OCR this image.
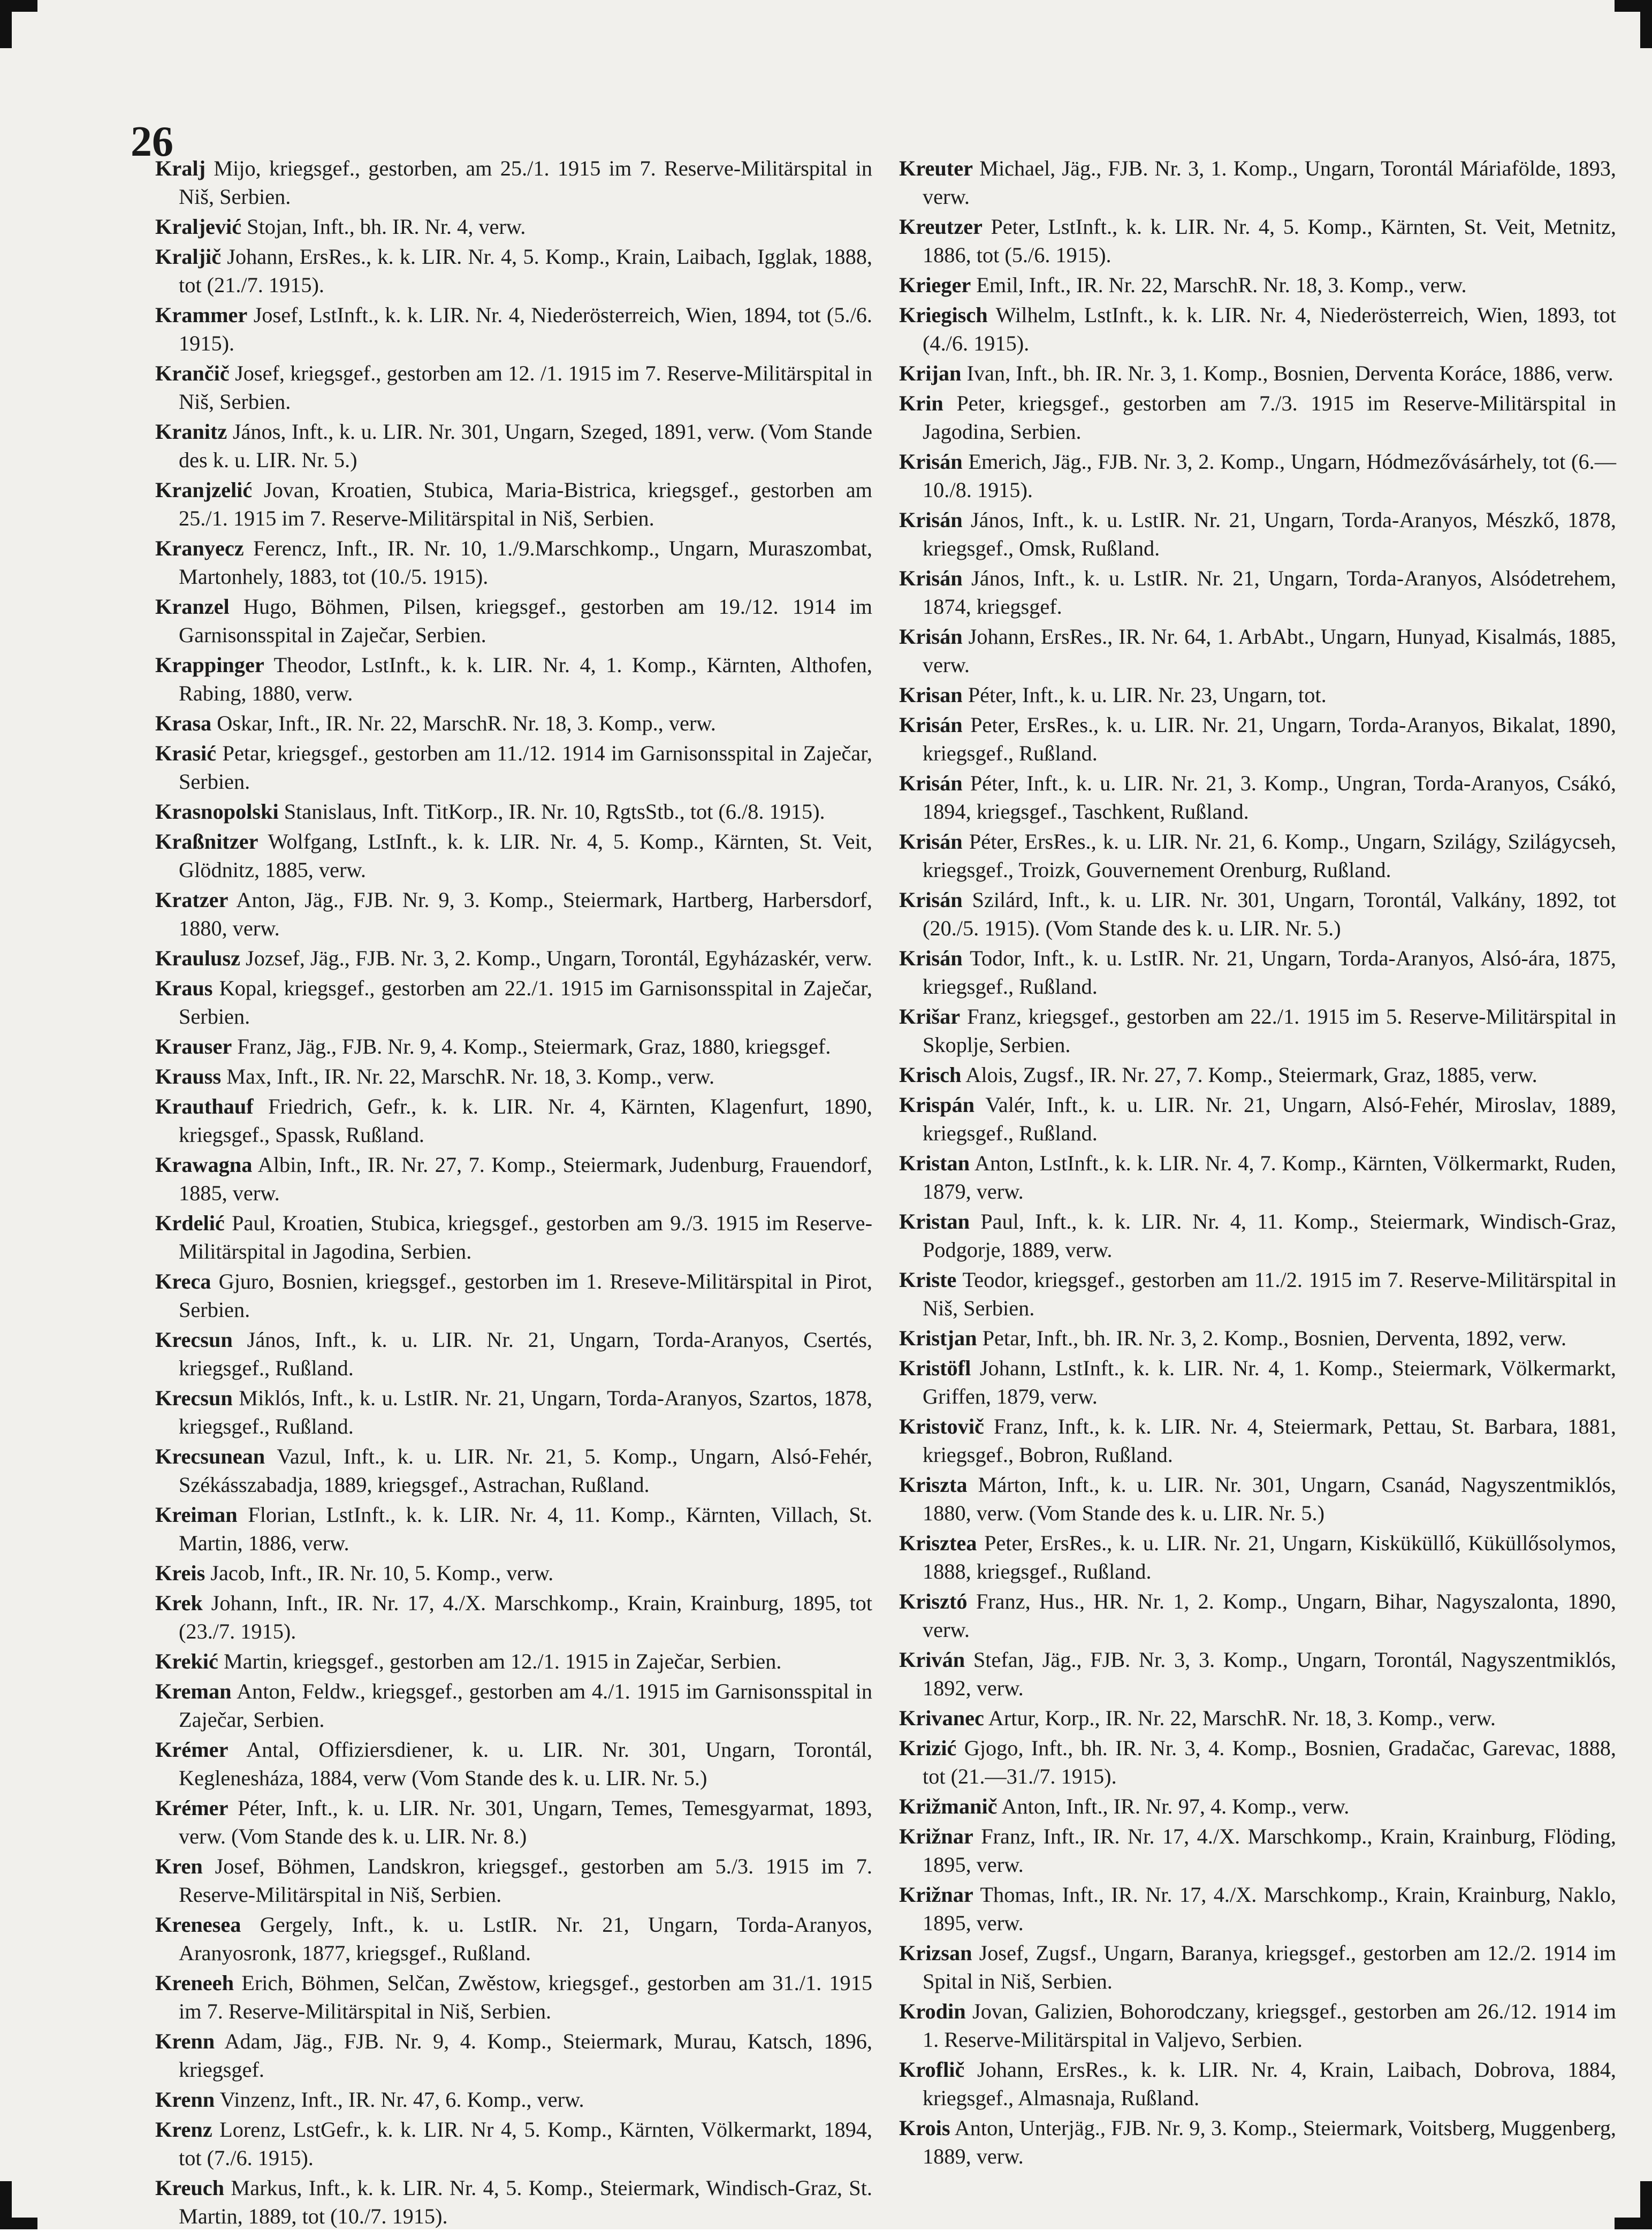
26

Kralj Mijo, kriegsgef., gestorben, am 25./1. 1915 im 7. Reserve-Militärspital in Niš, Serbien.

Kraljević Stojan, Inft., bh. IR. Nr. 4, verw.

Kraljič Johann, ErsRes., k. k. LIR. Nr. 4, 5. Komp., Krain, Laibach, Igglak, 1888, tot (21./7. 1915).

Krammer Josef, LstInft., k. k. LIR. Nr. 4, Niederösterreich, Wien, 1894, tot (5./6. 1915).

Krančič Josef, kriegsgef., gestorben am 12. /1. 1915 im 7. Reserve-Militärspital in Niš, Serbien.

Kranitz János, Inft., k. u. LIR. Nr. 301, Ungarn, Szeged, 1891, verw. (Vom Stande des k. u. LIR. Nr. 5.)

Kranjzelić Jovan, Kroatien, Stubica, Maria-Bistrica, kriegsgef., gestorben am 25./1. 1915 im 7. Reserve-Militärspital in Niš, Serbien.

Kranyecz Ferencz, Inft., IR. Nr. 10, 1./9.Marschkomp., Ungarn, Muraszombat, Martonhely, 1883, tot (10./5. 1915).

Kranzel Hugo, Böhmen, Pilsen, kriegsgef., gestorben am 19./12. 1914 im Garnisonsspital in Zaječar, Serbien.

Krappinger Theodor, LstInft., k. k. LIR. Nr. 4, 1. Komp., Kärnten, Althofen, Rabing, 1880, verw.

Krasa Oskar, Inft., IR. Nr. 22, MarschR. Nr. 18, 3. Komp., verw.

Krasić Petar, kriegsgef., gestorben am 11./12. 1914 im Garnisonsspital in Zaječar, Serbien.

Krasnopolski Stanislaus, Inft. TitKorp., IR. Nr. 10, RgtsStb., tot (6./8. 1915).

Kraßnitzer Wolfgang, LstInft., k. k. LIR. Nr. 4, 5. Komp., Kärnten, St. Veit, Glödnitz, 1885, verw.

Kratzer Anton, Jäg., FJB. Nr. 9, 3. Komp., Steiermark, Hartberg, Harbersdorf, 1880, verw.

Kraulusz Jozsef, Jäg., FJB. Nr. 3, 2. Komp., Ungarn, Torontál, Egyházaskér, verw.

Kraus Kopal, kriegsgef., gestorben am 22./1. 1915 im Garnisonsspital in Zaječar, Serbien.

Krauser Franz, Jäg., FJB. Nr. 9, 4. Komp., Steiermark, Graz, 1880, kriegsgef.

Krauss Max, Inft., IR. Nr. 22, MarschR. Nr. 18, 3. Komp., verw.

Krauthauf Friedrich, Gefr., k. k. LIR. Nr. 4, Kärnten, Klagenfurt, 1890, kriegsgef., Spassk, Rußland.

Krawagna Albin, Inft., IR. Nr. 27, 7. Komp., Steiermark, Judenburg, Frauendorf, 1885, verw.

Krdelić Paul, Kroatien, Stubica, kriegsgef., gestorben am 9./3. 1915 im Reserve-Militärspital in Jagodina, Serbien.

Kreca Gjuro, Bosnien, kriegsgef., gestorben im 1. Rreseve-Militärspital in Pirot, Serbien.

Krecsun János, Inft., k. u. LIR. Nr. 21, Ungarn, Torda-Aranyos, Csertés, kriegsgef., Rußland.

Krecsun Miklós, Inft., k. u. LstIR. Nr. 21, Ungarn, Torda-Aranyos, Szartos, 1878, kriegsgef., Rußland.

Krecsunean Vazul, Inft., k. u. LIR. Nr. 21, 5. Komp., Ungarn, Alsó-Fehér, Székásszabadja, 1889, kriegsgef., Astrachan, Rußland.

Kreiman Florian, LstInft., k. k. LIR. Nr. 4, 11. Komp., Kärnten, Villach, St. Martin, 1886, verw.

Kreis Jacob, Inft., IR. Nr. 10, 5. Komp., verw.

Krek Johann, Inft., IR. Nr. 17, 4./X. Marschkomp., Krain, Krainburg, 1895, tot (23./7. 1915).

Krekić Martin, kriegsgef., gestorben am 12./1. 1915 in Zaječar, Serbien.

Kreman Anton, Feldw., kriegsgef., gestorben am 4./1. 1915 im Garnisonsspital in Zaječar, Serbien.

Krémer Antal, Offiziersdiener, k. u. LIR. Nr. 301, Ungarn, Torontál, Keglenesháza, 1884, verw (Vom Stande des k. u. LIR. Nr. 5.)

Krémer Péter, Inft., k. u. LIR. Nr. 301, Ungarn, Temes, Temesgyarmat, 1893, verw. (Vom Stande des k. u. LIR. Nr. 8.)

Kren Josef, Böhmen, Landskron, kriegsgef., gestorben am 5./3. 1915 im 7. Reserve-Militärspital in Niš, Serbien.

Krenesea Gergely, Inft., k. u. LstIR. Nr. 21, Ungarn, Torda-Aranyos, Aranyosronk, 1877, kriegsgef., Rußland.

Kreneeh Erich, Böhmen, Selčan, Zwěstow, kriegsgef., gestorben am 31./1. 1915 im 7. Reserve-Militärspital in Niš, Serbien.

Krenn Adam, Jäg., FJB. Nr. 9, 4. Komp., Steiermark, Murau, Katsch, 1896, kriegsgef.

Krenn Vinzenz, Inft., IR. Nr. 47, 6. Komp., verw.

Krenz Lorenz, LstGefr., k. k. LIR. Nr 4, 5. Komp., Kärnten, Völkermarkt, 1894, tot (7./6. 1915).

Kreuch Markus, Inft., k. k. LIR. Nr. 4, 5. Komp., Steiermark, Windisch-Graz, St. Martin, 1889, tot (10./7. 1915).

Kreuter Michael, Jäg., FJB. Nr. 3, 1. Komp., Ungarn, Torontál Máriafölde, 1893, verw.

Kreutzer Peter, LstInft., k. k. LIR. Nr. 4, 5. Komp., Kärnten, St. Veit, Metnitz, 1886, tot (5./6. 1915).

Krieger Emil, Inft., IR. Nr. 22, MarschR. Nr. 18, 3. Komp., verw.

Kriegisch Wilhelm, LstInft., k. k. LIR. Nr. 4, Niederösterreich, Wien, 1893, tot (4./6. 1915).

Krijan Ivan, Inft., bh. IR. Nr. 3, 1. Komp., Bosnien, Derventa Koráce, 1886, verw.

Krin Peter, kriegsgef., gestorben am 7./3. 1915 im Reserve-Militärspital in Jagodina, Serbien.

Krisán Emerich, Jäg., FJB. Nr. 3, 2. Komp., Ungarn, Hódmezővásárhely, tot (6.—10./8. 1915).

Krisán János, Inft., k. u. LstIR. Nr. 21, Ungarn, Torda-Aranyos, Mészkő, 1878, kriegsgef., Omsk, Rußland.

Krisán János, Inft., k. u. LstIR. Nr. 21, Ungarn, Torda-Aranyos, Alsódetrehem, 1874, kriegsgef.

Krisán Johann, ErsRes., IR. Nr. 64, 1. ArbAbt., Ungarn, Hunyad, Kisalmás, 1885, verw.

Krisan Péter, Inft., k. u. LIR. Nr. 23, Ungarn, tot.

Krisán Peter, ErsRes., k. u. LIR. Nr. 21, Ungarn, Torda-Aranyos, Bikalat, 1890, kriegsgef., Rußland.

Krisán Péter, Inft., k. u. LIR. Nr. 21, 3. Komp., Ungran, Torda-Aranyos, Csákó, 1894, kriegsgef., Taschkent, Rußland.

Krisán Péter, ErsRes., k. u. LIR. Nr. 21, 6. Komp., Ungarn, Szilágy, Szilágycseh, kriegsgef., Troizk, Gouvernement Orenburg, Rußland.

Krisán Szilárd, Inft., k. u. LIR. Nr. 301, Ungarn, Torontál, Valkány, 1892, tot (20./5. 1915). (Vom Stande des k. u. LIR. Nr. 5.)

Krisán Todor, Inft., k. u. LstIR. Nr. 21, Ungarn, Torda-Aranyos, Alsó-ára, 1875, kriegsgef., Rußland.

Krišar Franz, kriegsgef., gestorben am 22./1. 1915 im 5. Reserve-Militärspital in Skoplje, Serbien.

Krisch Alois, Zugsf., IR. Nr. 27, 7. Komp., Steiermark, Graz, 1885, verw.

Krispán Valér, Inft., k. u. LIR. Nr. 21, Ungarn, Alsó-Fehér, Miroslav, 1889, kriegsgef., Rußland.

Kristan Anton, LstInft., k. k. LIR. Nr. 4, 7. Komp., Kärnten, Völkermarkt, Ruden, 1879, verw.

Kristan Paul, Inft., k. k. LIR. Nr. 4, 11. Komp., Steiermark, Windisch-Graz, Podgorje, 1889, verw.

Kriste Teodor, kriegsgef., gestorben am 11./2. 1915 im 7. Reserve-Militärspital in Niš, Serbien.

Kristjan Petar, Inft., bh. IR. Nr. 3, 2. Komp., Bosnien, Derventa, 1892, verw.

Kristöfl Johann, LstInft., k. k. LIR. Nr. 4, 1. Komp., Steiermark, Völkermarkt, Griffen, 1879, verw.

Kristovič Franz, Inft., k. k. LIR. Nr. 4, Steiermark, Pettau, St. Barbara, 1881, kriegsgef., Bobron, Rußland.

Kriszta Márton, Inft., k. u. LIR. Nr. 301, Ungarn, Csanád, Nagyszentmiklós, 1880, verw. (Vom Stande des k. u. LIR. Nr. 5.)

Krisztea Peter, ErsRes., k. u. LIR. Nr. 21, Ungarn, Kisküküllő, Küküllősolymos, 1888, kriegsgef., Rußland.

Krisztó Franz, Hus., HR. Nr. 1, 2. Komp., Ungarn, Bihar, Nagyszalonta, 1890, verw.

Kriván Stefan, Jäg., FJB. Nr. 3, 3. Komp., Ungarn, Torontál, Nagyszentmiklós, 1892, verw.

Krivanec Artur, Korp., IR. Nr. 22, MarschR. Nr. 18, 3. Komp., verw.

Krizić Gjogo, Inft., bh. IR. Nr. 3, 4. Komp., Bosnien, Gradačac, Garevac, 1888, tot (21.—31./7. 1915).

Križmanič Anton, Inft., IR. Nr. 97, 4. Komp., verw.

Križnar Franz, Inft., IR. Nr. 17, 4./X. Marschkomp., Krain, Krainburg, Flöding, 1895, verw.

Križnar Thomas, Inft., IR. Nr. 17, 4./X. Marschkomp., Krain, Krainburg, Naklo, 1895, verw.

Krizsan Josef, Zugsf., Ungarn, Baranya, kriegsgef., gestorben am 12./2. 1914 im Spital in Niš, Serbien.

Krodin Jovan, Galizien, Bohorodczany, kriegsgef., gestorben am 26./12. 1914 im 1. Reserve-Militärspital in Valjevo, Serbien.

Kroflič Johann, ErsRes., k. k. LIR. Nr. 4, Krain, Laibach, Dobrova, 1884, kriegsgef., Almasnaja, Rußland.

Krois Anton, Unterjäg., FJB. Nr. 9, 3. Komp., Steiermark, Voitsberg, Muggenberg, 1889, verw.
